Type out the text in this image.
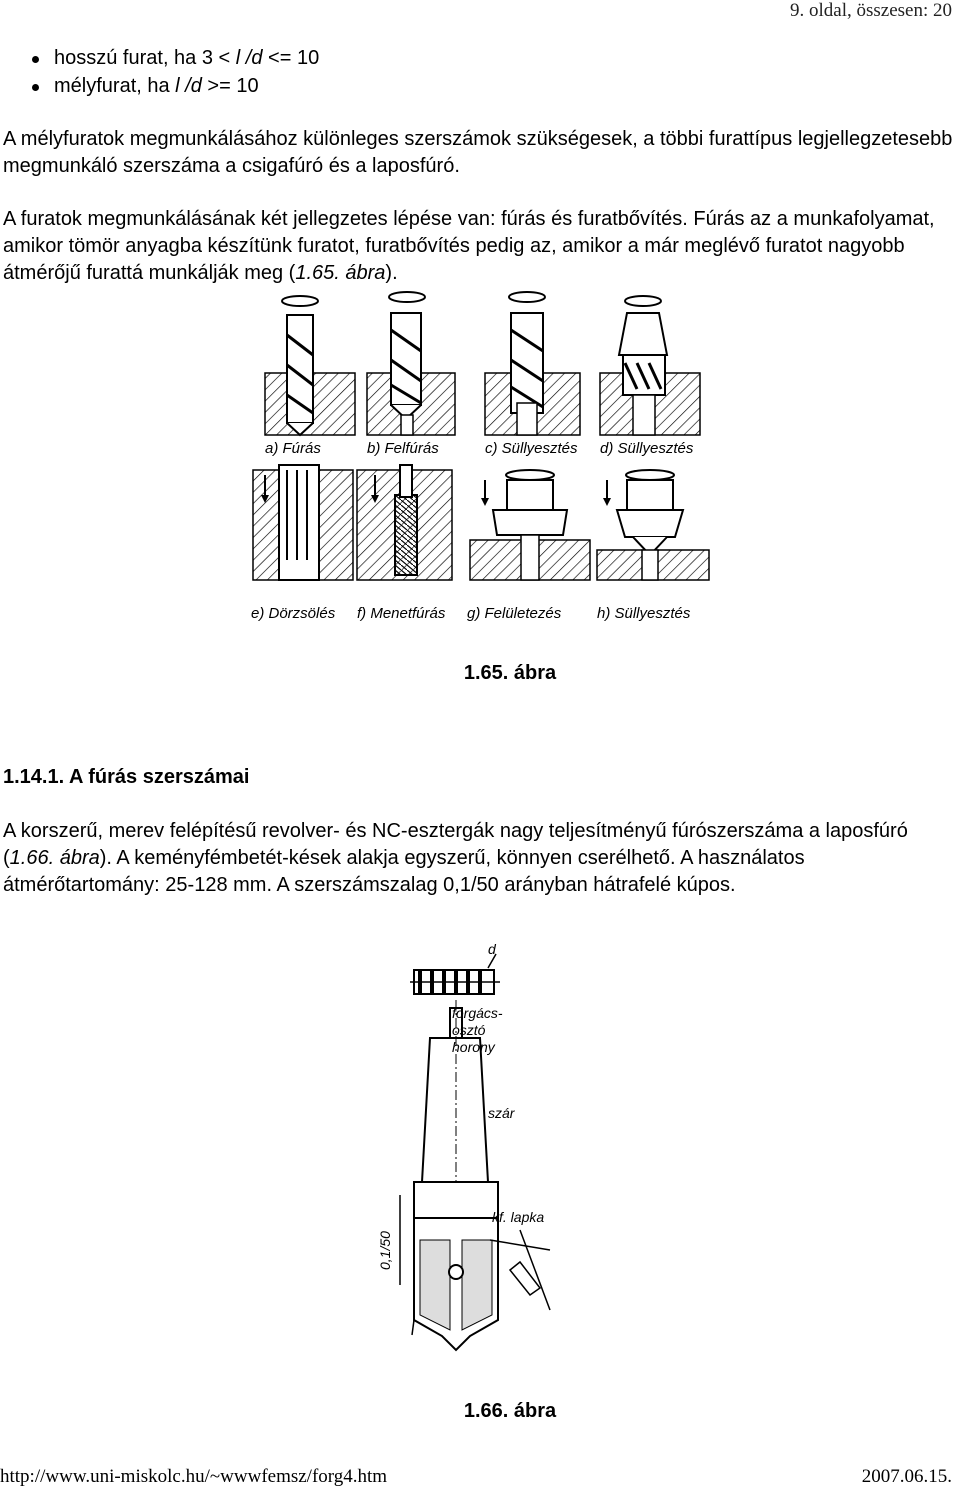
9. oldal, összesen: 20
hosszú furat, ha 3 < l /d <= 10
mélyfurat, ha l /d >= 10

A mélyfuratok megmunkálásához különleges szerszámok szükségesek, a többi furattípus legjellegzetesebb megmunkáló szerszáma a csigafúró és a laposfúró.

A furatok megmunkálásának két jellegzetes lépése van: fúrás és furatbővítés. Fúrás az a munkafolyamat, amikor tömör anyagba készítünk furatot, furatbővítés pedig az, amikor a már meglévő furatot nagyobb átmérőjű furattá munkálják meg (1.65. ábra).

a) Fúrás	b) Felfúrás	c) Süllyesztés d) Süllyesztés
e) Dörzsölés f) Menetfúrás g) Felületezés h) Süllyesztés
1.65. ábra
1.14.1. A fúrás szerszámai

A korszerű, merev felépítésű revolver- és NC-esztergák nagy teljesítményű fúrószerszáma a laposfúró (1.66. ábra). A keményfémbetét-kések alakja egyszerű, könnyen cserélhető. A használatos átmérőtartomány: 25-128 mm. A szerszámszalag 0,1/50 arányban hátrafelé kúpos.

d
forgács-
osztó
horony
szár
kf. lapka
0,1/50
1.66. ábra
http://www.uni-miskolc.hu/~wwwfemsz/forg4.htm	2007.06.15.
